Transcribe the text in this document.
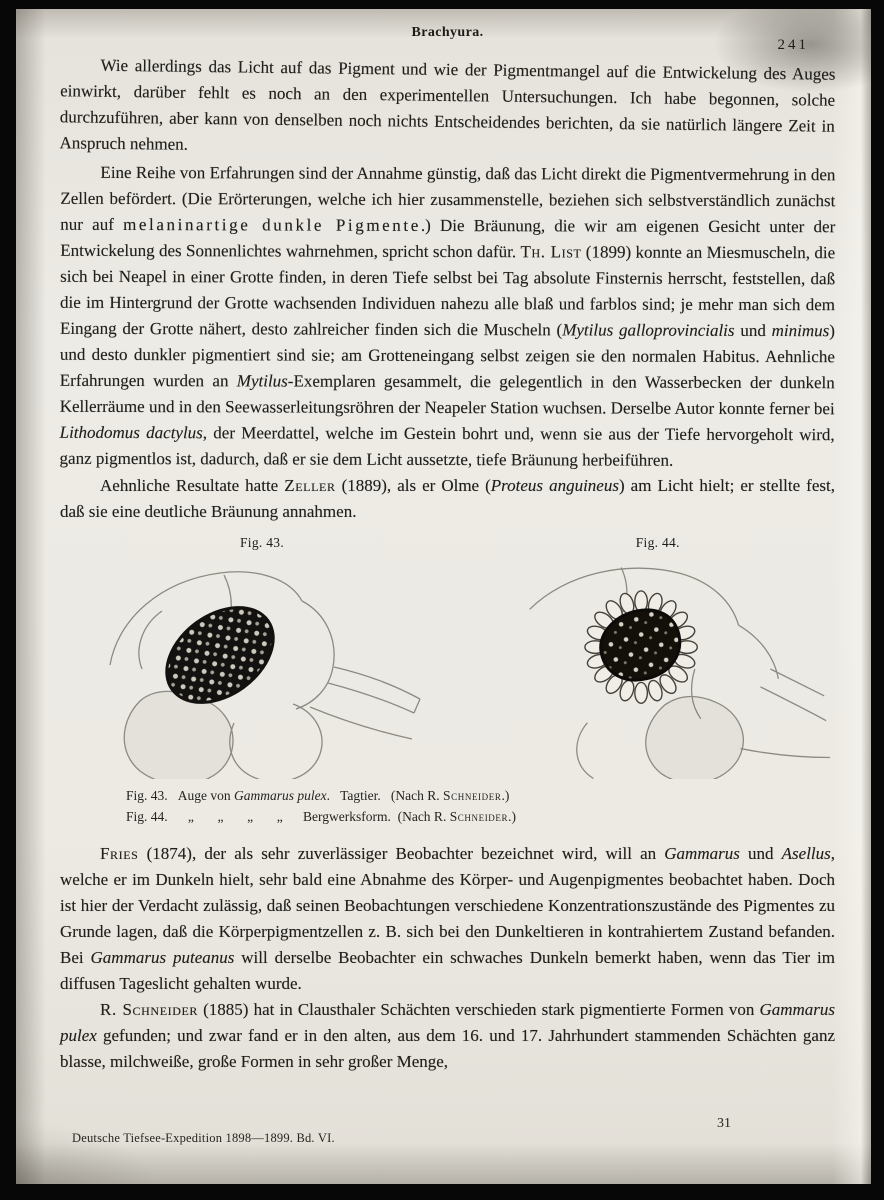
Brachyura.
241

Wie allerdings das Licht auf das Pigment und wie der Pigmentmangel auf die Entwickelung des Auges einwirkt, darüber fehlt es noch an den experimentellen Untersuchungen. Ich habe begonnen, solche durchzuführen, aber kann von denselben noch nichts Entscheidendes berichten, da sie natürlich längere Zeit in Anspruch nehmen.

Eine Reihe von Erfahrungen sind der Annahme günstig, daß das Licht direkt die Pigmentvermehrung in den Zellen befördert. (Die Erörterungen, welche ich hier zusammenstelle, beziehen sich selbstverständlich zunächst nur auf melaninartige dunkle Pigmente.) Die Bräunung, die wir am eigenen Gesicht unter der Entwickelung des Sonnenlichtes wahrnehmen, spricht schon dafür. Th. List (1899) konnte an Miesmuscheln, die sich bei Neapel in einer Grotte finden, in deren Tiefe selbst bei Tag absolute Finsternis herrscht, feststellen, daß die im Hintergrund der Grotte wachsenden Individuen nahezu alle blaß und farblos sind; je mehr man sich dem Eingang der Grotte nähert, desto zahlreicher finden sich die Muscheln (Mytilus galloprovincialis und minimus) und desto dunkler pigmentiert sind sie; am Grotteneingang selbst zeigen sie den normalen Habitus. Aehnliche Erfahrungen wurden an Mytilus-Exemplaren gesammelt, die gelegentlich in den Wasserbecken der dunkeln Kellerräume und in den Seewasserleitungsröhren der Neapeler Station wuchsen. Derselbe Autor konnte ferner bei Lithodomus dactylus, der Meerdattel, welche im Gestein bohrt und, wenn sie aus der Tiefe hervorgeholt wird, ganz pigmentlos ist, dadurch, daß er sie dem Licht aussetzte, tiefe Bräunung herbeiführen.

Aehnliche Resultate hatte Zeller (1889), als er Olme (Proteus anguineus) am Licht hielt; er stellte fest, daß sie eine deutliche Bräunung annahmen.

Fig. 43.	Fig. 44.

Fig. 43.   Auge von Gammarus pulex.   Tagtier.   (Nach R. Schneider.)

Fig. 44.      „       „       „       „      Bergwerksform.  (Nach R. Schneider.)

Fries (1874), der als sehr zuverlässiger Beobachter bezeichnet wird, will an Gammarus und Asellus, welche er im Dunkeln hielt, sehr bald eine Abnahme des Körper- und Augenpigmentes beobachtet haben. Doch ist hier der Verdacht zulässig, daß seinen Beobachtungen verschiedene Konzentrationszustände des Pigmentes zu Grunde lagen, daß die Körperpigmentzellen z. B. sich bei den Dunkeltieren in kontrahiertem Zustand befanden. Bei Gammarus puteanus will derselbe Beobachter ein schwaches Dunkeln bemerkt haben, wenn das Tier im diffusen Tageslicht gehalten wurde.

R. Schneider (1885) hat in Clausthaler Schächten verschieden stark pigmentierte Formen von Gammarus pulex gefunden; und zwar fand er in den alten, aus dem 16. und 17. Jahrhundert stammenden Schächten ganz blasse, milchweiße, große Formen in sehr großer Menge,

Deutsche Tiefsee-Expedition 1898—1899. Bd. VI.
31
